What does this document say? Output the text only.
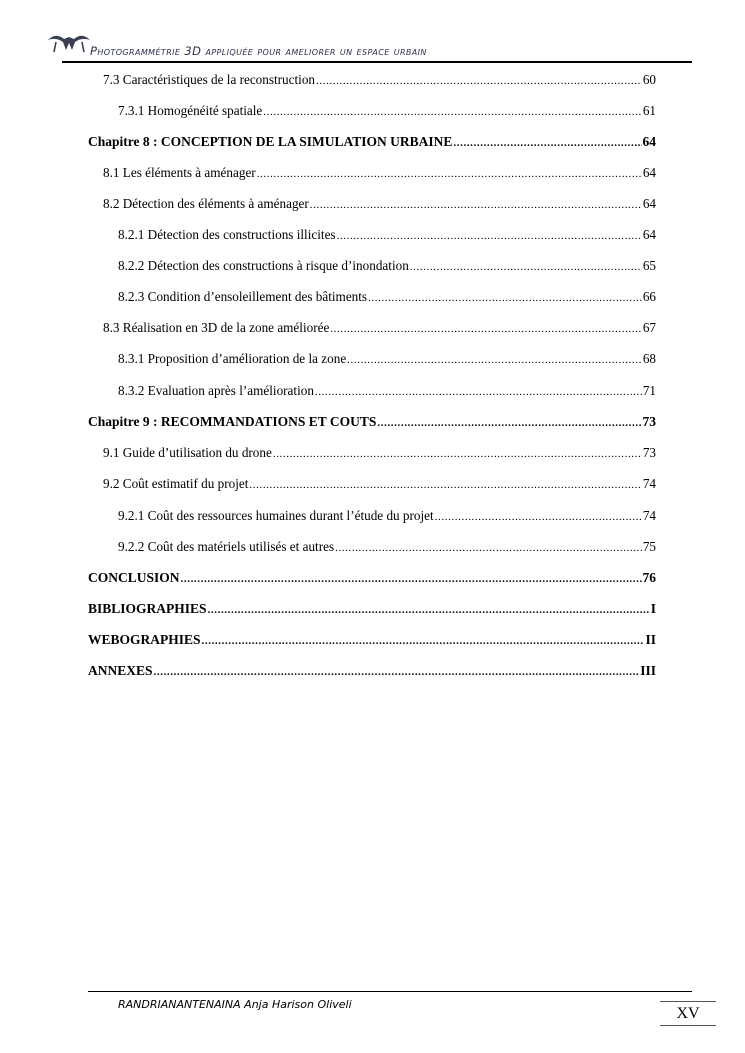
Photogrammétrie 3D appliquée pour ameliorer un espace urbain
7.3 Caractéristiques de la reconstruction .....	60
7.3.1 Homogénéité spatiale .....	61
Chapitre 8 : CONCEPTION DE LA SIMULATION URBAINE .....	64
8.1 Les éléments à aménager .....	64
8.2 Détection des éléments à aménager .....	64
8.2.1 Détection des constructions illicites .....	64
8.2.2 Détection des constructions à risque d’inondation .....	65
8.2.3 Condition d’ensoleillement des bâtiments .....	66
8.3 Réalisation en 3D de la zone améliorée .....	67
8.3.1 Proposition d’amélioration de la zone .....	68
8.3.2 Evaluation après l’amélioration .....	71
Chapitre 9 : RECOMMANDATIONS ET COUTS .....	73
9.1 Guide d’utilisation du drone .....	73
9.2 Coût estimatif du projet .....	74
9.2.1 Coût des ressources humaines durant l’étude du projet .....	74
9.2.2 Coût des matériels utilisés et autres .....	75
CONCLUSION .....	76
BIBLIOGRAPHIES .....	I
WEBOGRAPHIES .....	II
ANNEXES .....	III
RANDRIANANTENAINA Anja Harison Oliveli
XV
